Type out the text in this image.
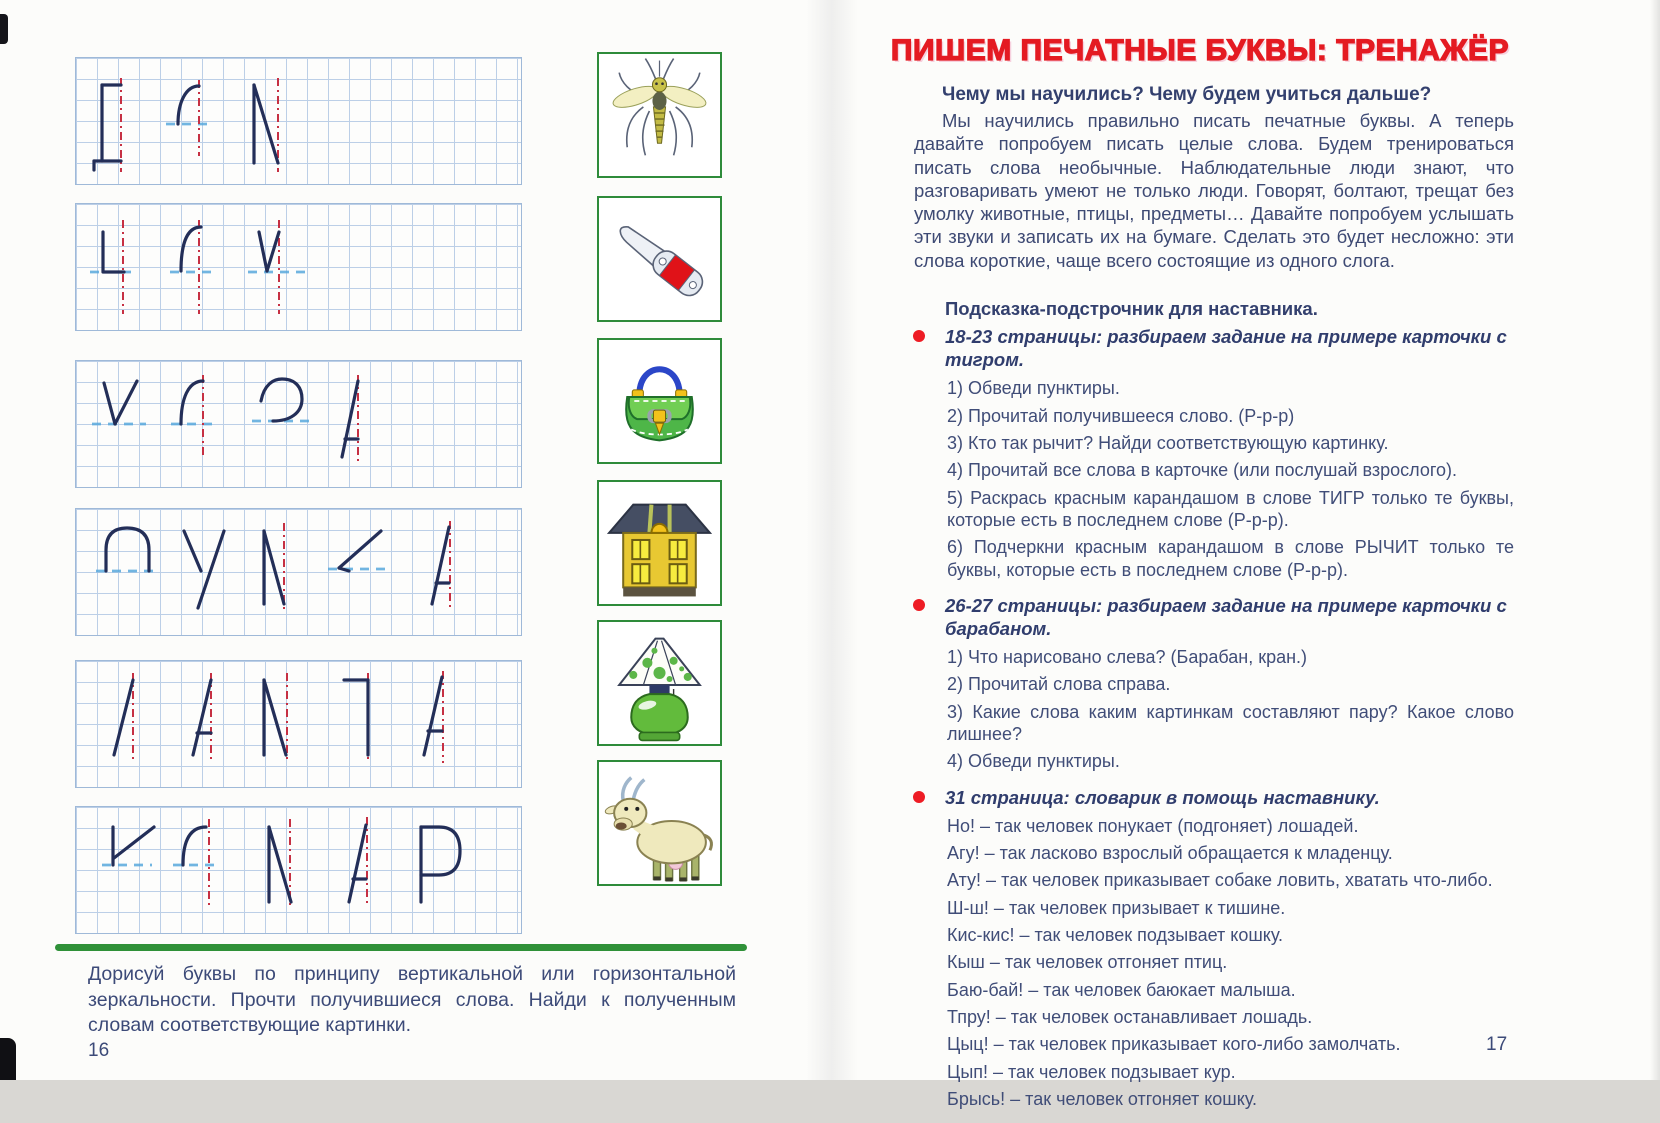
Дорисуй буквы по принципу вертикальной или горизонтальной зеркальности. Прочти получившиеся слова. Найди к полученным словам соответствующие картинки.
16
ПИШЕМ ПЕЧАТНЫЕ БУКВЫ: ТРЕНАЖЁР
Чему мы научились? Чему будем учиться дальше?

Мы научились правильно писать печатные буквы. А теперь давайте попробуем писать целые слова. Будем тренироваться писать слова необычные. Наблюдательные люди знают, что разговаривать умеют не только люди. Говорят, болтают, трещат без умолку животные, птицы, предметы… Давайте попробуем услышать эти звуки и записать их на бумаге. Сделать это будет несложно: эти слова короткие, чаще всего состоящие из одного слога.

Подсказка-подстрочник для наставника.
18-23 страницы: разбираем задание на примере карточки с тигром.
1) Обведи пунктиры.
2) Прочитай получившееся слово. (Р-р-р)
3) Кто так рычит? Найди соответствующую картинку.
4) Прочитай все слова в карточке (или послушай взрослого).
5) Раскрась красным карандашом в слове ТИГР только те буквы, которые есть в последнем слове (Р-р-р).
6) Подчеркни красным карандашом в слове РЫЧИТ только те буквы, которые есть в последнем слове (Р-р-р).
26-27 страницы: разбираем задание на примере карточки с барабаном.
1) Что нарисовано слева? (Барабан, кран.)
2) Прочитай слова справа.
3) Какие слова каким картинкам составляют пару? Какое слово лишнее?
4) Обведи пунктиры.
31 страница: словарик в помощь наставнику.
Но! – так человек понукает (подгоняет) лошадей.
Агу! – так ласково взрослый обращается к младенцу.
Ату! – так человек приказывает собаке ловить, хватать что-либо.
Ш-ш! – так человек призывает к тишине.
Кис-кис! – так человек подзывает кошку.
Кыш – так человек отгоняет птиц.
Баю-бай! – так человек баюкает малыша.
Тпру! – так человек останавливает лошадь.
Цыц! – так человек приказывает кого-либо замолчать.
Цып! – так человек подзывает кур.
Брысь! – так человек отгоняет кошку.
17
